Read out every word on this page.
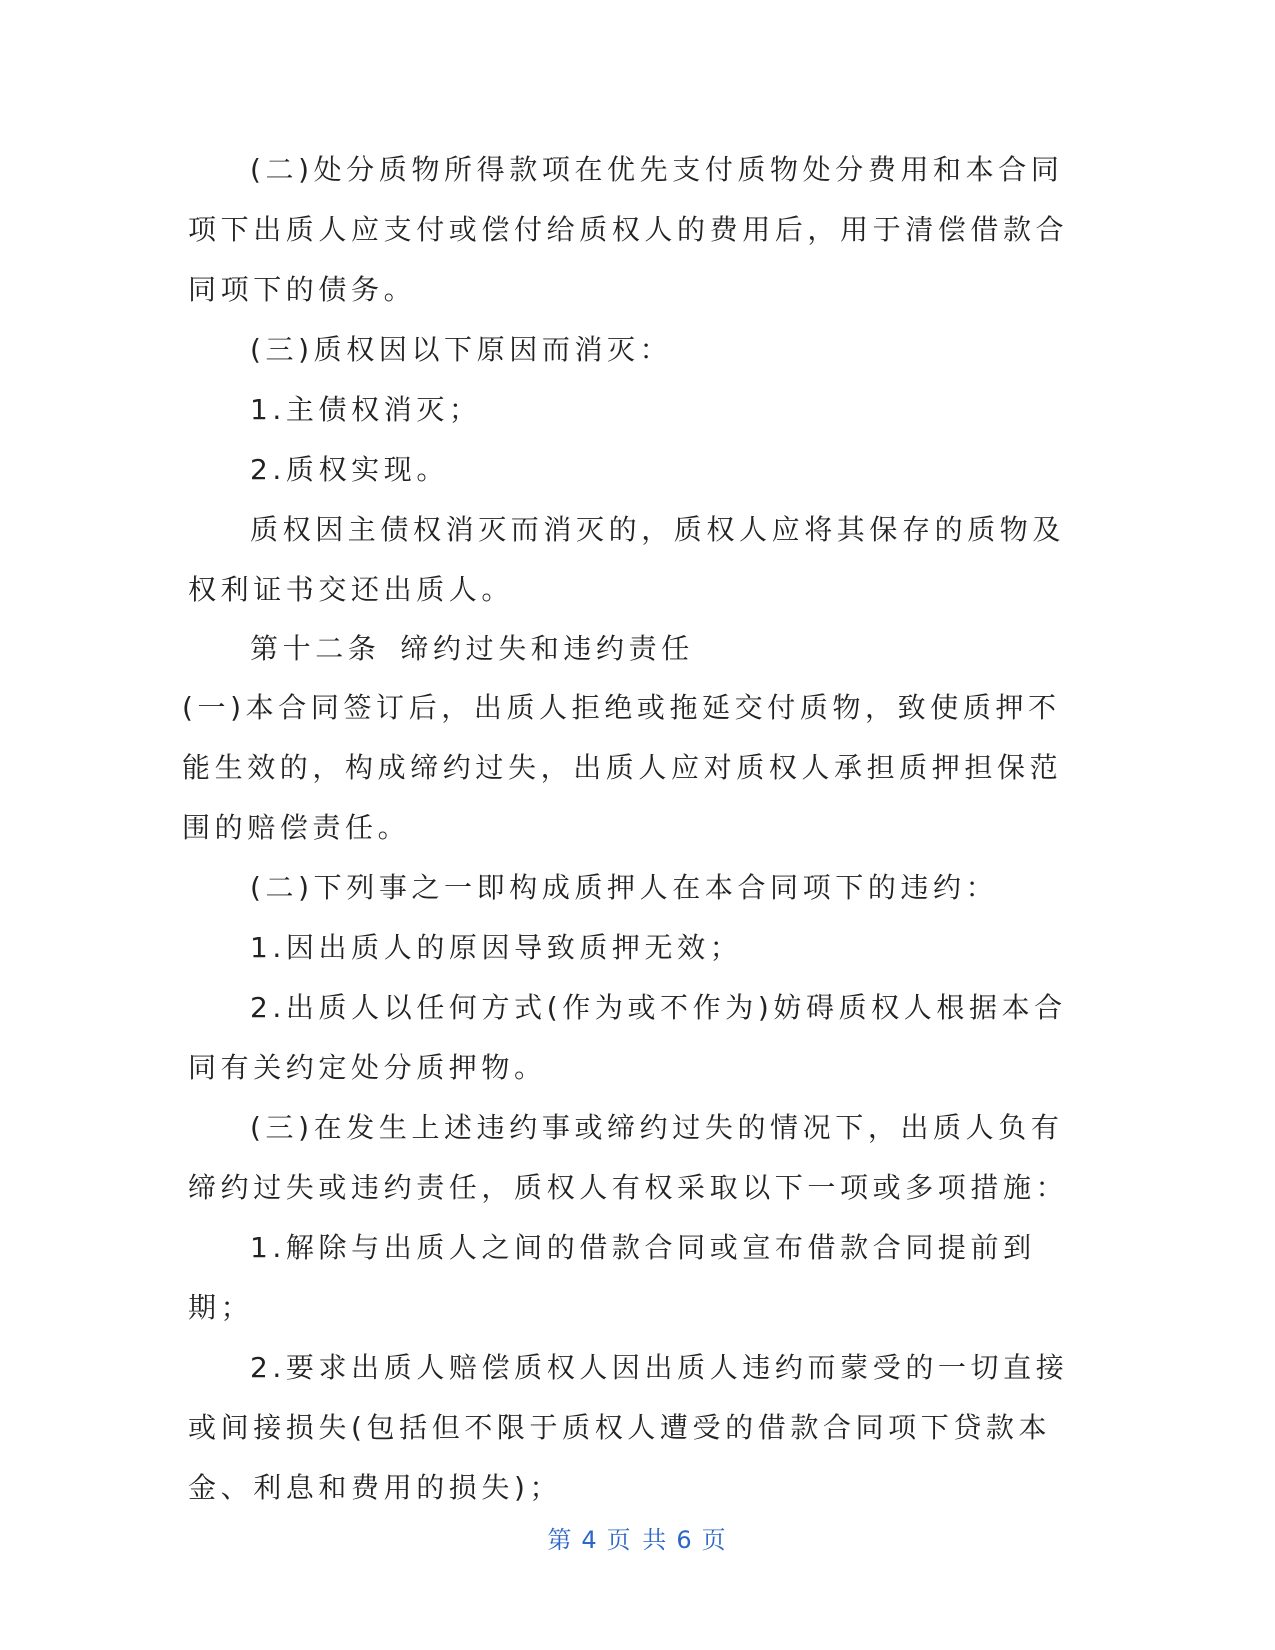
(二)处分质物所得款项在优先支付质物处分费用和本合同项下出质人应支付或偿付给质权人的费用后，用于清偿借款合同项下的债务。

(三)质权因以下原因而消灭：

1.主债权消灭；

2.质权实现。

质权因主债权消灭而消灭的，质权人应将其保存的质物及权利证书交还出质人。

第十二条 缔约过失和违约责任

(一)本合同签订后，出质人拒绝或拖延交付质物，致使质押不能生效的，构成缔约过失，出质人应对质权人承担质押担保范围的赔偿责任。

(二)下列事之一即构成质押人在本合同项下的违约：

1.因出质人的原因导致质押无效；

2.出质人以任何方式(作为或不作为)妨碍质权人根据本合同有关约定处分质押物。

(三)在发生上述违约事或缔约过失的情况下，出质人负有缔约过失或违约责任，质权人有权采取以下一项或多项措施：

1.解除与出质人之间的借款合同或宣布借款合同提前到期；

2.要求出质人赔偿质权人因出质人违约而蒙受的一切直接或间接损失(包括但不限于质权人遭受的借款合同项下贷款本金、利息和费用的损失)；

第 4 页 共 6 页
